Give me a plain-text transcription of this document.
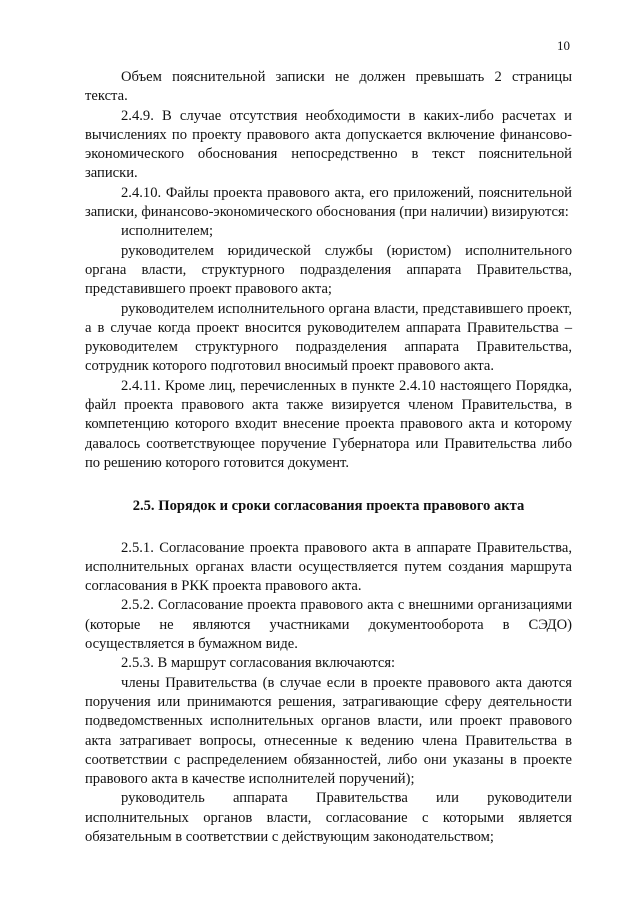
10

Объем пояснительной записки не должен превышать 2 страницы текста.

2.4.9. В случае отсутствия необходимости в каких-либо расчетах и вычислениях по проекту правового акта допускается включение финансово-экономического обоснования непосредственно в текст пояснительной записки.

2.4.10. Файлы проекта правового акта, его приложений, пояснительной записки, финансово-экономического обоснования (при наличии) визируются:

исполнителем;

руководителем юридической службы (юристом) исполнительного органа власти, структурного подразделения аппарата Правительства, представившего проект правового акта;

руководителем исполнительного органа власти, представившего проект, а в случае когда проект вносится руководителем аппарата Правительства – руководителем структурного подразделения аппарата Правительства, сотрудник которого подготовил вносимый проект правового акта.

2.4.11. Кроме лиц, перечисленных в пункте 2.4.10 настоящего Порядка, файл проекта правового акта также визируется членом Правительства, в компетенцию которого входит внесение проекта правового акта и которому давалось соответствующее поручение Губернатора или Правительства либо по решению которого готовится документ.

2.5. Порядок и сроки согласования проекта правового акта

2.5.1. Согласование проекта правового акта в аппарате Правительства, исполнительных органах власти осуществляется путем создания маршрута согласования в РКК проекта правового акта.

2.5.2. Согласование проекта правового акта с внешними организациями (которые не являются участниками документооборота в СЭДО) осуществляется в бумажном виде.

2.5.3. В маршрут согласования включаются:

члены Правительства (в случае если в проекте правового акта даются поручения или принимаются решения, затрагивающие сферу деятельности подведомственных исполнительных органов власти, или проект правового акта затрагивает вопросы, отнесенные к ведению члена Правительства в соответствии с распределением обязанностей, либо они указаны в проекте правового акта в качестве исполнителей поручений);

руководитель аппарата Правительства или руководители исполнительных органов власти, согласование с которыми является обязательным в соответствии с действующим законодательством;
